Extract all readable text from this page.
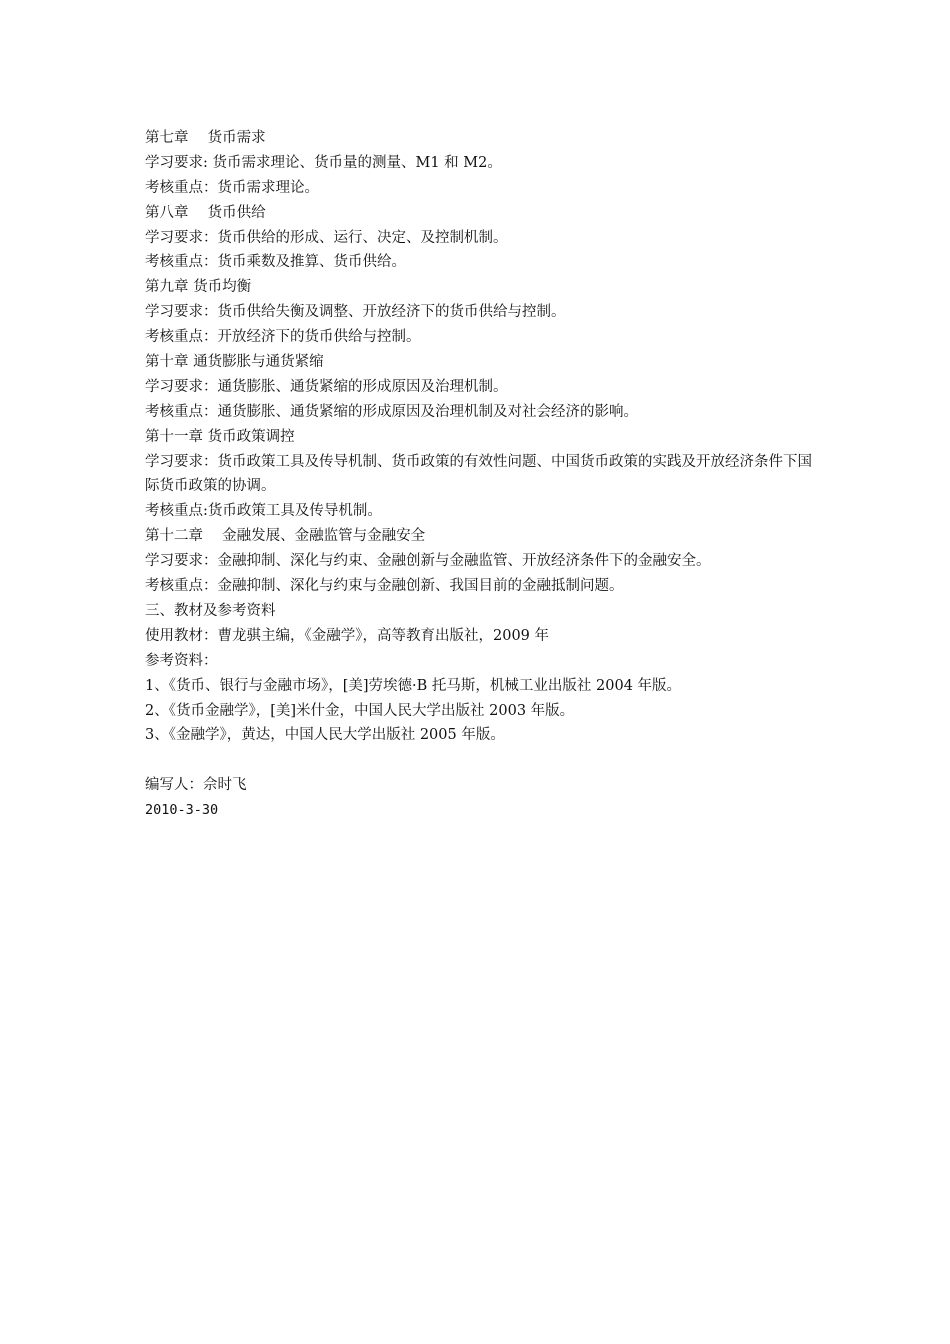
第七章　 货币需求
学习要求: 货币需求理论、货币量的测量、M1 和 M2。
考核重点：货币需求理论。
第八章　 货币供给
学习要求：货币供给的形成、运行、决定、及控制机制。
考核重点：货币乘数及推算、货币供给。
第九章 货币均衡
学习要求：货币供给失衡及调整、开放经济下的货币供给与控制。
考核重点：开放经济下的货币供给与控制。
第十章 通货膨胀与通货紧缩
学习要求：通货膨胀、通货紧缩的形成原因及治理机制。
考核重点：通货膨胀、通货紧缩的形成原因及治理机制及对社会经济的影响。
第十一章 货币政策调控
学习要求：货币政策工具及传导机制、货币政策的有效性问题、中国货币政策的实践及开放经济条件下国际货币政策的协调。
考核重点:货币政策工具及传导机制。
第十二章　 金融发展、金融监管与金融安全
学习要求：金融抑制、深化与约束、金融创新与金融监管、开放经济条件下的金融安全。
考核重点：金融抑制、深化与约束与金融创新、我国目前的金融抵制问题。
三、教材及参考资料
使用教材：曹龙骐主编，《金融学》，高等教育出版社，2009 年
参考资料：
1、《货币、银行与金融市场》，[美]劳埃德·B 托马斯，机械工业出版社 2004 年版。
2、《货币金融学》，[美]米什金，中国人民大学出版社 2003 年版。
3、《金融学》，黄达，中国人民大学出版社 2005 年版。
编写人：佘时飞
2010-3-30
